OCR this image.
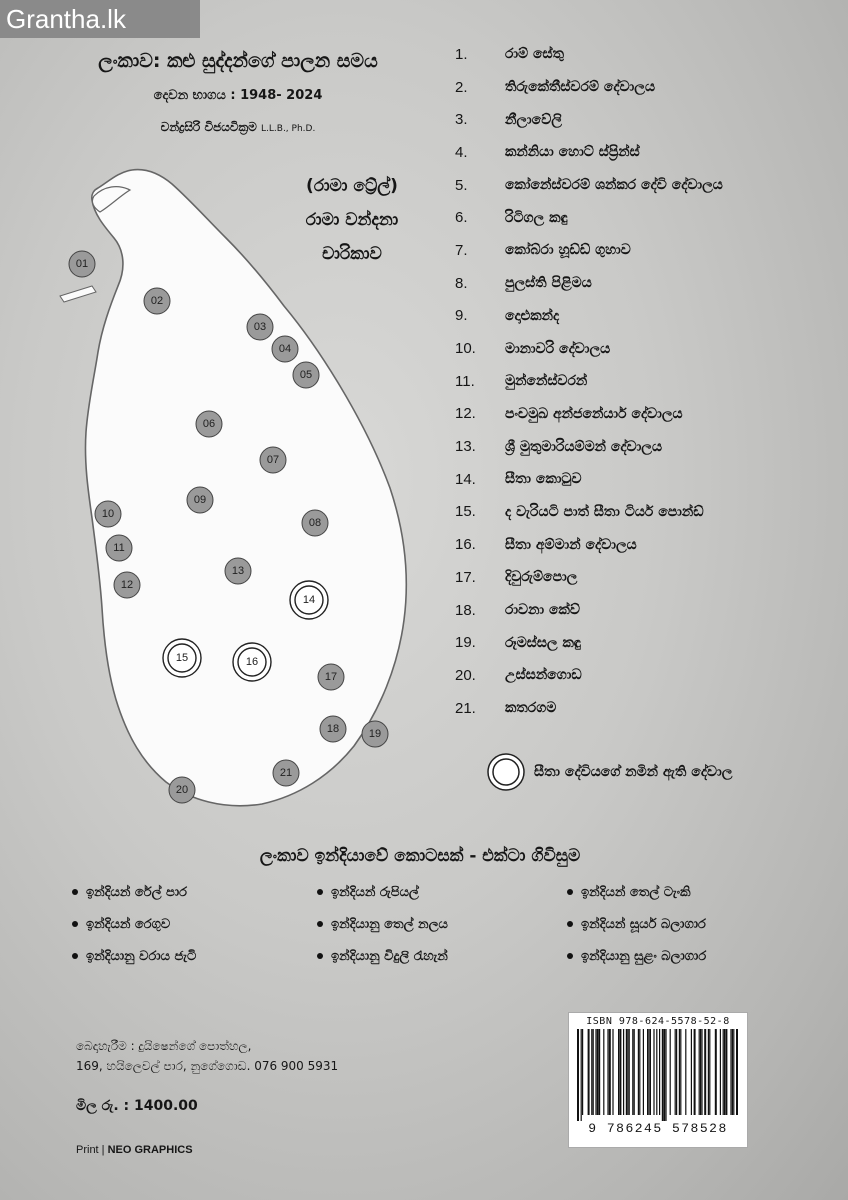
Grantha.lk
ලංකාව: කළු සුද්දන්ගේ පාලන සමය
දෙවන භාගය : 1948- 2024
චන්ද්‍රසිරි විජයවික්‍රම L.L.B., Ph.D.
(රාමා ට්‍රේල්)
රාමා වන්දනා
චාරිකාව
01
02
03
04
05
06
07
08
09
10
11
12
13
14
15	16
17
18	19
20
21
1.	රාම් සේතු
2.	තිරුකේතීස්වරම් දේවාලය
3.	නීලාවේලි
4.	කන්නියා හොට් ස්ප්‍රින්ස්
5.	කෝනේස්වරම් ශන්කර දේවි දේවාලය
6.	රිටිගල කඳු
7.	කෝබ්රා හූඩ්ඩ් ගුහාව
8.	පුලස්ති පිළිමය
9.	දොළුකන්ද
10.	මානාවරි දේවාලය
11.	මුන්නේස්වරන්
12.	පංචමුඛ අන්ජනේයාර් දේවාලය
13.	ශ්‍රී මුතුමාරියම්මන් දේවාලය
14.	සීතා කොටුව
15.	ද වැරියටි පාත් සීතා ටියර් පොන්ඩ්
16.	සීතා අම්මාන් දේවාලය
17.	දිවුරුම්පොල
18.	රාවනා කේව්
19.	රූමස්සල කඳු
20.	උස්සන්ගොඩ
21.	කතරගම
සීතා දේවියගේ නමින් ඇති දේවාල
ලංකාව ඉන්දියාවේ කොටසක් - එක්ටා ගිවිසුම
ඉන්දියන් රේල් පාර	ඉන්දියන් රුපියල්	ඉන්දියන් තෙල් ටැංකි
ඉන්දියන් රෙගුව	ඉන්දියානු තෙල් නලය	ඉන්දියන් සූර්ය බලාගාර
ඉන්දියානු වරාය ජැටි	ඉන්දියානු විදුලි රැහැන්	ඉන්දියානු සුළං බලාගාර
බෙදාහැරීම : දුයිෂෙන්ගේ පොත්හල,
169, හයිලෙවල් පාර, නුගේගොඩ. 076 900 5931
මිල රු. : 1400.00
Print | NEO GRAPHICS
ISBN 978-624-5578-52-8
9 786245 578528
